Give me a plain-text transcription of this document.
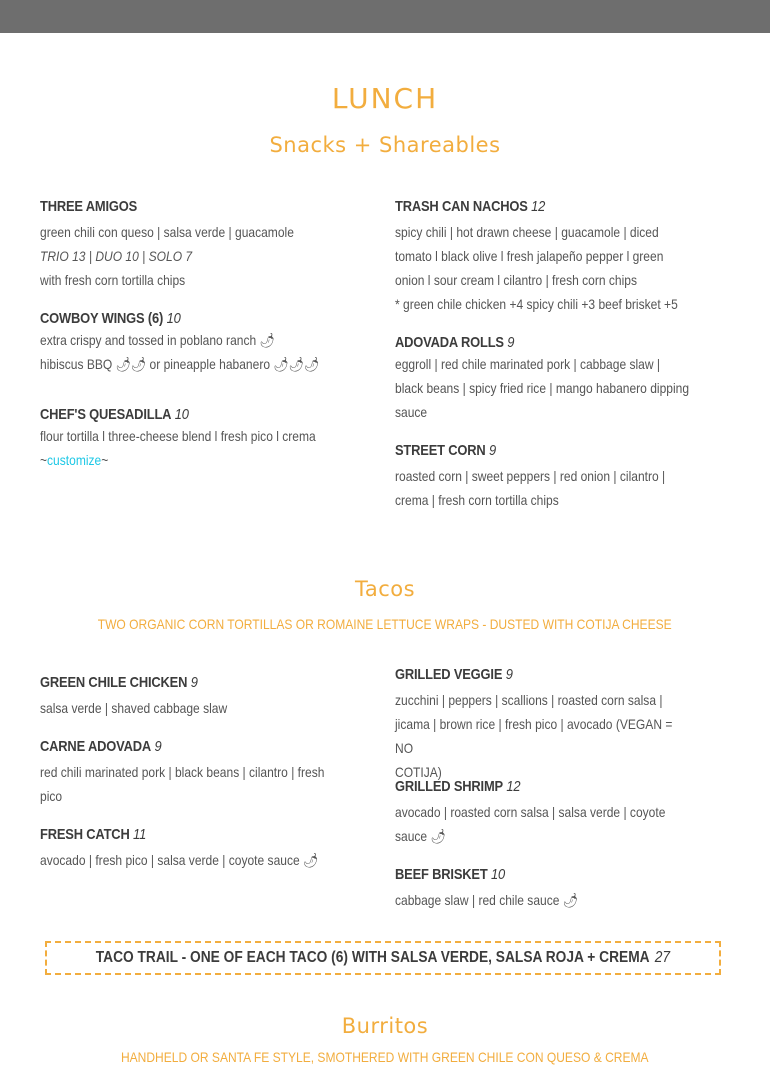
LUNCH
Snacks + Shareables
THREE AMIGOS
green chili con queso | salsa verde | guacamole
TRIO 13 | DUO 10 | SOLO 7
with fresh corn tortilla chips
COWBOY WINGS (6) 10
extra crispy and tossed in poblano ranch 🌶
hibiscus BBQ 🌶🌶 or pineapple habanero 🌶🌶🌶
CHEF'S QUESADILLA 10
flour tortilla l three-cheese blend l fresh pico l crema
~customize~
TRASH CAN NACHOS 12
spicy chili | hot drawn cheese | guacamole | diced
tomato l black olive l fresh jalapeño pepper l green
onion l sour cream l cilantro | fresh corn chips
* green chile chicken +4 spicy chili +3 beef brisket +5
ADOVADA ROLLS 9
eggroll | red chile marinated pork | cabbage slaw |
black beans | spicy fried rice | mango habanero dipping
sauce
STREET CORN 9
roasted corn | sweet peppers | red onion | cilantro |
crema | fresh corn tortilla chips
Tacos
TWO ORGANIC CORN TORTILLAS OR ROMAINE LETTUCE WRAPS - DUSTED WITH COTIJA CHEESE
GREEN CHILE CHICKEN 9
salsa verde | shaved cabbage slaw
CARNE ADOVADA 9
red chili marinated pork | black beans | cilantro | fresh
pico
FRESH CATCH 11
avocado | fresh pico | salsa verde | coyote sauce 🌶
GRILLED VEGGIE 9
zucchini | peppers | scallions | roasted corn salsa |
jicama | brown rice | fresh pico | avocado (VEGAN = NO
COTIJA)
GRILLED SHRIMP 12
avocado | roasted corn salsa | salsa verde | coyote
sauce 🌶
BEEF BRISKET 10
cabbage slaw | red chile sauce 🌶
TACO TRAIL - ONE OF EACH TACO (6) WITH SALSA VERDE, SALSA ROJA + CREMA 27
Burritos
HANDHELD OR SANTA FE STYLE, SMOTHERED WITH GREEN CHILE CON QUESO & CREMA
